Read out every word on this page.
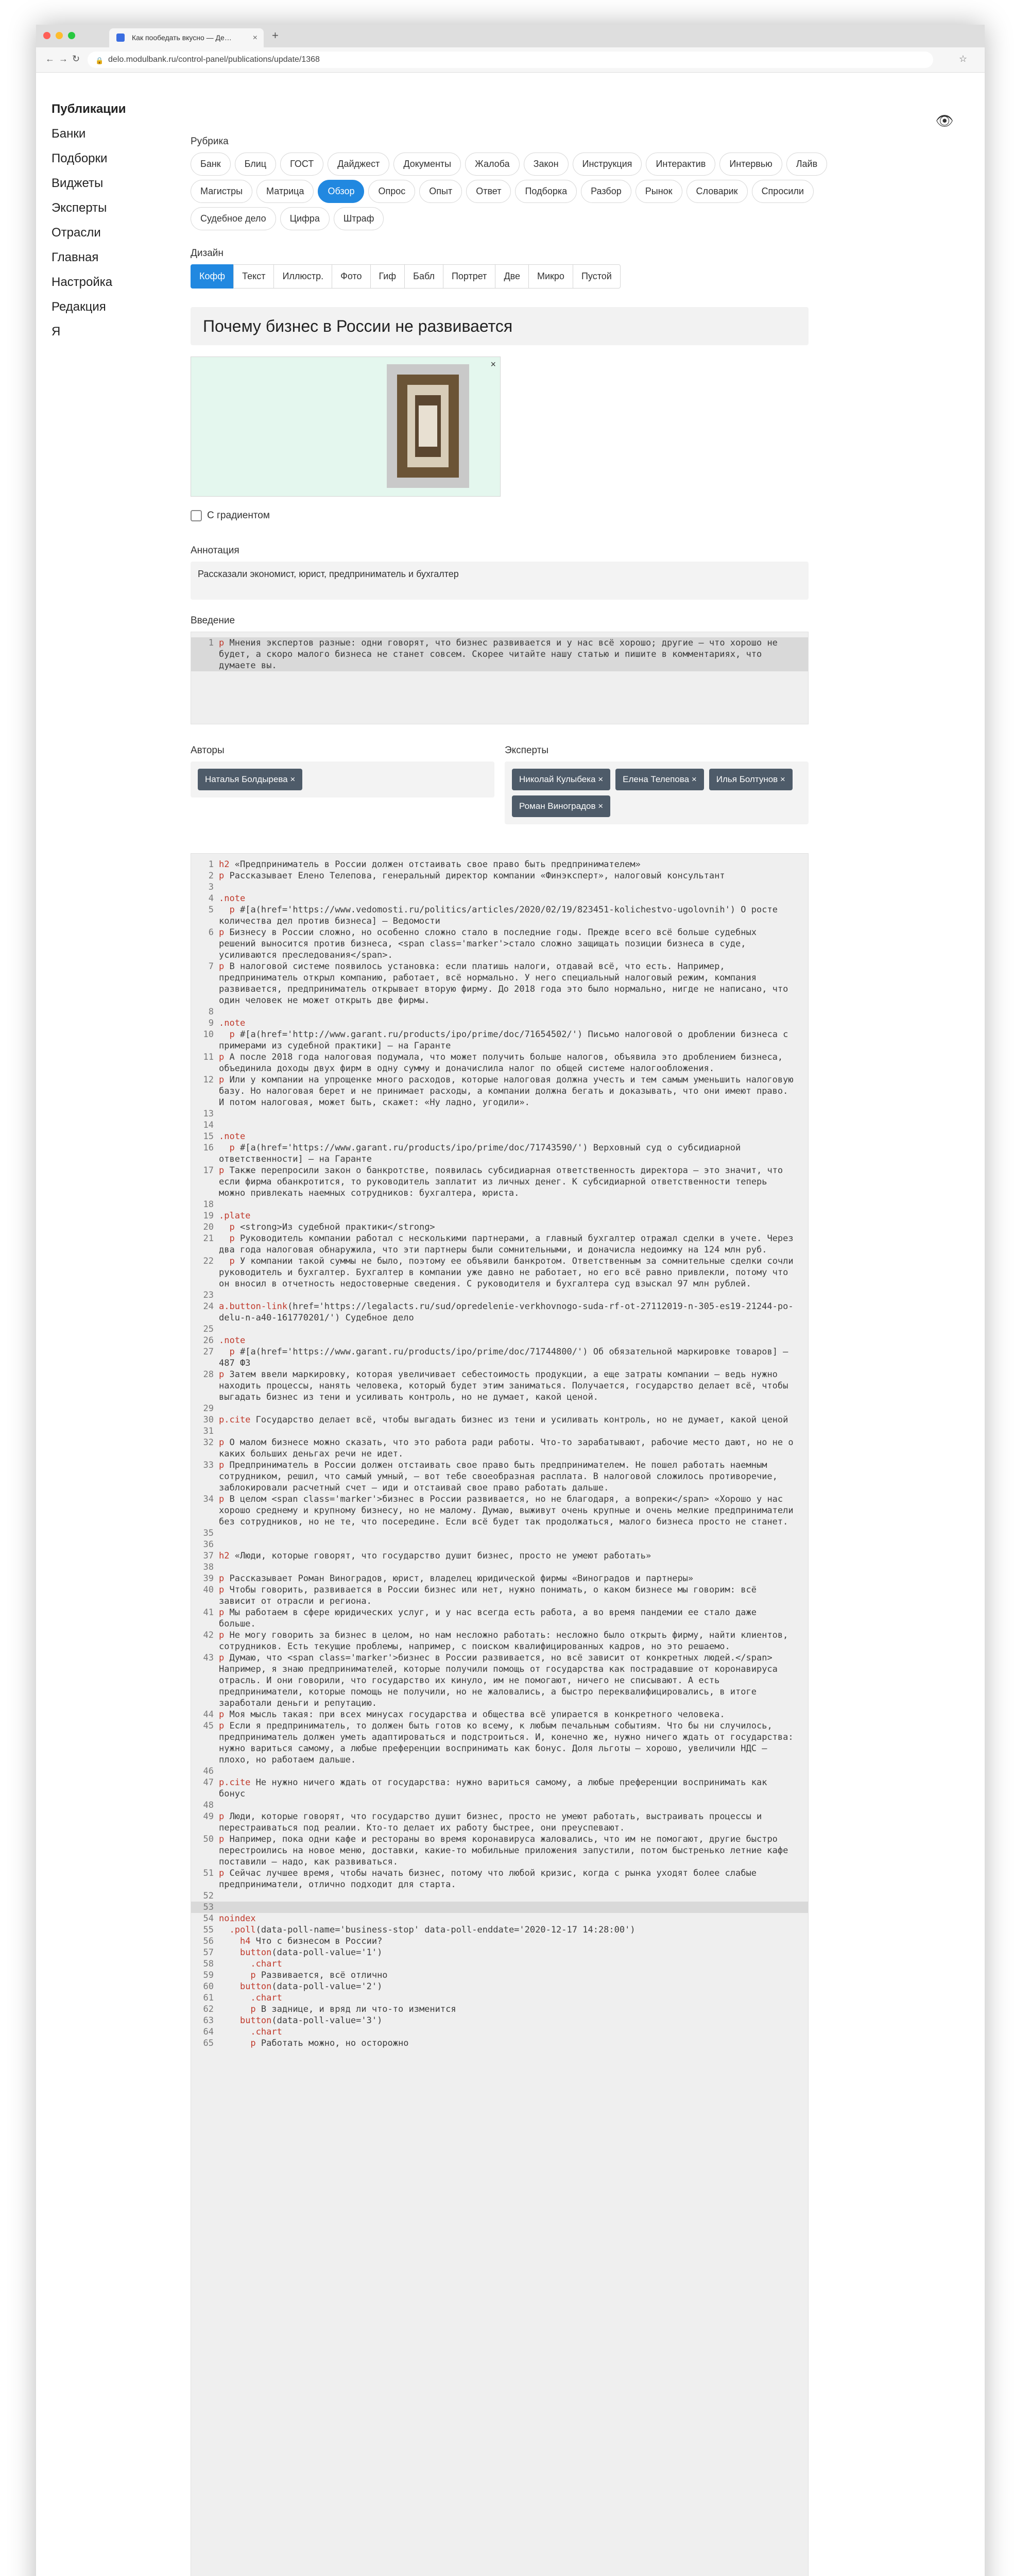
Как пообедать вкусно — Де…	× +
← → ↻ 🔒 delo.modulbank.ru/control-panel/publications/update/1368	☆
Публикации
Банки
Подборки
Виджеты
Эксперты
Отрасли
Главная
Настройка
Редакция
Я
👁
Рубрика
Банк	Блиц	ГОСТ	Дайджест	Документы	Жалоба	Закон	Инструкция	Интерактив	Интервью	Лайв
Магистры	Матрица	Обзор	Опрос	Опыт	Ответ	Подборка	Разбор	Рынок	Словарик	Спросили
Судебное дело	Цифра	Штраф
Дизайн
Кофф	Текст	Иллюстр.	Фото	Гиф	Бабл	Портрет	Две	Микро	Пустой
Почему бизнес в России не развивается
×
С градиентом
Аннотация
Рассказали экономист, юрист, предприниматель и бухгалтер
Введение
1 p Мнения экспертов разные: одни говорят, что бизнес развивается и у нас всё хорошо; другие — что хорошо не будет, а скоро малого бизнеса не станет совсем. Скорее читайте нашу статью и пишите в комментариях, что думаете вы.
Авторы
Наталья Болдырева ×
Эксперты
Николай Кулыбека ×	Елена Телепова ×	Илья Болтунов ×
Роман Виноградов ×
1 h2 «Предприниматель в России должен отстаивать свое право быть предпринимателем»
2 p Рассказывает Елено Телепова, генеральный директор компании «Финэксперт», налоговый консультант
3
4 .note
5	p #[a(href='https://www.vedomosti.ru/politics/articles/2020/02/19/823451-kolichestvo-ugolovnih') О росте количества дел против бизнеса] — Ведомости
6 p Бизнесу в России сложно, но особенно сложно стало в последние годы. Прежде всего всё больше судебных решений выносится против бизнеса, <span class='marker'>стало сложно защищать позиции бизнеса в суде, усиливаются преследования</span>.
7 p В налоговой системе появилось установка: если платишь налоги, отдавай всё, что есть. Например, предприниматель открыл компанию, работает, всё нормально. У него специальный налоговый режим, компания развивается, предприниматель открывает вторую фирму. До 2018 года это было нормально, нигде не написано, что один человек не может открыть две фирмы.
8
9 .note
10	p #[a(href='http://www.garant.ru/products/ipo/prime/doc/71654502/') Письмо налоговой о дроблении бизнеса с примерами из судебной практики] — на Гаранте
11 p А после 2018 года налоговая подумала, что может получить больше налогов, объявила это дроблением бизнеса, объединила доходы двух фирм в одну сумму и доначислила налог по общей системе налогообложения.
12 p Или у компании на упрощенке много расходов, которые налоговая должна учесть и тем самым уменьшить налоговую базу. Но налоговая берет и не принимает расходы, а компании должна бегать и доказывать, что они имеют право. И потом налоговая, может быть, скажет: «Ну ладно, угодили».
13
14
15 .note
16	p #[a(href='https://www.garant.ru/products/ipo/prime/doc/71743590/') Верховный суд о субсидиарной ответственности] — на Гаранте
17 p Также перепросили закон о банкротстве, появилась субсидиарная ответственность директора — это значит, что если фирма обанкротится, то руководитель заплатит из личных денег. К субсидиарной ответственности теперь можно привлекать наемных сотрудников: бухгалтера, юриста.
18
19 .plate
20	p <strong>Из судебной практики</strong>
21	p Руководитель компании работал с несколькими партнерами, а главный бухгалтер отражал сделки в учете. Через два года налоговая обнаружила, что эти партнеры были сомнительными, и доначисла недоимку на 124 млн руб.
22	p У компании такой суммы не было, поэтому ее объявили банкротом. Ответственным за сомнительные сделки сочли руководитель и бухгалтер. Бухгалтер в компании уже давно не работает, но его всё равно привлекли, потому что он вносил в отчетность недостоверные сведения. С руководителя и бухгалтера суд взыскал 97 млн рублей.
23
24 a.button-link(href='https://legalacts.ru/sud/opredelenie-verkhovnogo-suda-rf-ot-27112019-n-305-es19-21244-po-delu-n-a40-161770201/') Судебное дело
25
26 .note
27	p #[a(href='https://www.garant.ru/products/ipo/prime/doc/71744800/') Об обязательной маркировке товаров] — 487 ФЗ
28 p Затем ввели маркировку, которая увеличивает себестоимость продукции, а еще затраты компании — ведь нужно находить процессы, нанять человека, который будет этим заниматься. Получается, государство делает всё, чтобы выгадать бизнес из тени и усиливать контроль, но не думает, какой ценой.
29
30 p.cite Государство делает всё, чтобы выгадать бизнес из тени и усиливать контроль, но не думает, какой ценой
31
32 p О малом бизнесе можно сказать, что это работа ради работы. Что-то зарабатывают, рабочие место дают, но не о каких больших деньгах речи не идет.
33 p Предприниматель в России должен отстаивать свое право быть предпринимателем. Не пошел работать наемным сотрудником, решил, что самый умный, — вот тебе своеобразная расплата. В налоговой сложилось противоречие, заблокировали расчетный счет — иди и отстаивай свое право работать дальше.
34 p В целом <span class='marker'>бизнес в России развивается, но не благодаря, а вопреки</span> «Хорошо у нас хорошо среднему и крупному бизнесу, но не малому. Думаю, выживут очень крупные и очень мелкие предприниматели без сотрудников, но не те, что посередине. Если всё будет так продолжаться, малого бизнеса просто не станет.
35
36
37 h2 «Люди, которые говорят, что государство душит бизнес, просто не умеют работать»
38
39 p Рассказывает Роман Виноградов, юрист, владелец юридической фирмы «Виноградов и партнеры»
40 p Чтобы говорить, развивается в России бизнес или нет, нужно понимать, о каком бизнесе мы говорим: всё зависит от отрасли и региона.
41 p Мы работаем в сфере юридических услуг, и у нас всегда есть работа, а во время пандемии ее стало даже больше.
42 p Не могу говорить за бизнес в целом, но нам несложно работать: несложно было открыть фирму, найти клиентов, сотрудников. Есть текущие проблемы, например, с поиском квалифицированных кадров, но это решаемо.
43 p Думаю, что <span class='marker'>бизнес в России развивается, но всё зависит от конкретных людей.</span> Например, я знаю предпринимателей, которые получили помощь от государства как пострадавшие от коронавируса отрасль. И они говорили, что государство их кинуло, им не помогают, ничего не списывают. А есть предприниматели, которые помощь не получили, но не жаловались, а быстро переквалифицировались, в итоге заработали деньги и репутацию.
44 p Моя мысль такая: при всех минусах государства и общества всё упирается в конкретного человека.
45 p Если я предприниматель, то должен быть готов ко всему, к любым печальным событиям. Что бы ни случилось, предприниматель должен уметь адаптироваться и подстроиться. И, конечно же, нужно ничего ждать от государства: нужно вариться самому, а любые преференции воспринимать как бонус. Доля льготы — хорошо, увеличили НДС — плохо, но работаем дальше.
46
47 p.cite Не нужно ничего ждать от государства: нужно вариться самому, а любые преференции воспринимать как бонус
48
49 p Люди, которые говорят, что государство душит бизнес, просто не умеют работать, выстраивать процессы и перестраиваться под реалии. Кто-то делает их работу быстрее, они преуспевают.
50 p Например, пока одни кафе и рестораны во время коронавируса жаловались, что им не помогают, другие быстро перестроились на новое меню, доставки, какие-то мобильные приложения запустили, потом быстренько летние кафе поставили — надо, как развиваться.
51 p Сейчас лучшее время, чтобы начать бизнес, потому что любой кризис, когда с рынка уходят более слабые предприниматели, отлично подходит для старта.
52
53
54 noindex
55	.poll(data-poll-name='business-stop' data-poll-enddate='2020-12-17 14:28:00')
56	h4 Что с бизнесом в России?
57	button(data-poll-value='1')
58	.chart
59	p Развивается, всё отлично
60	button(data-poll-value='2')
61	.chart
62	p В заднице, и вряд ли что-то изменится
63	button(data-poll-value='3')
64	.chart
65	p Работать можно, но осторожно
